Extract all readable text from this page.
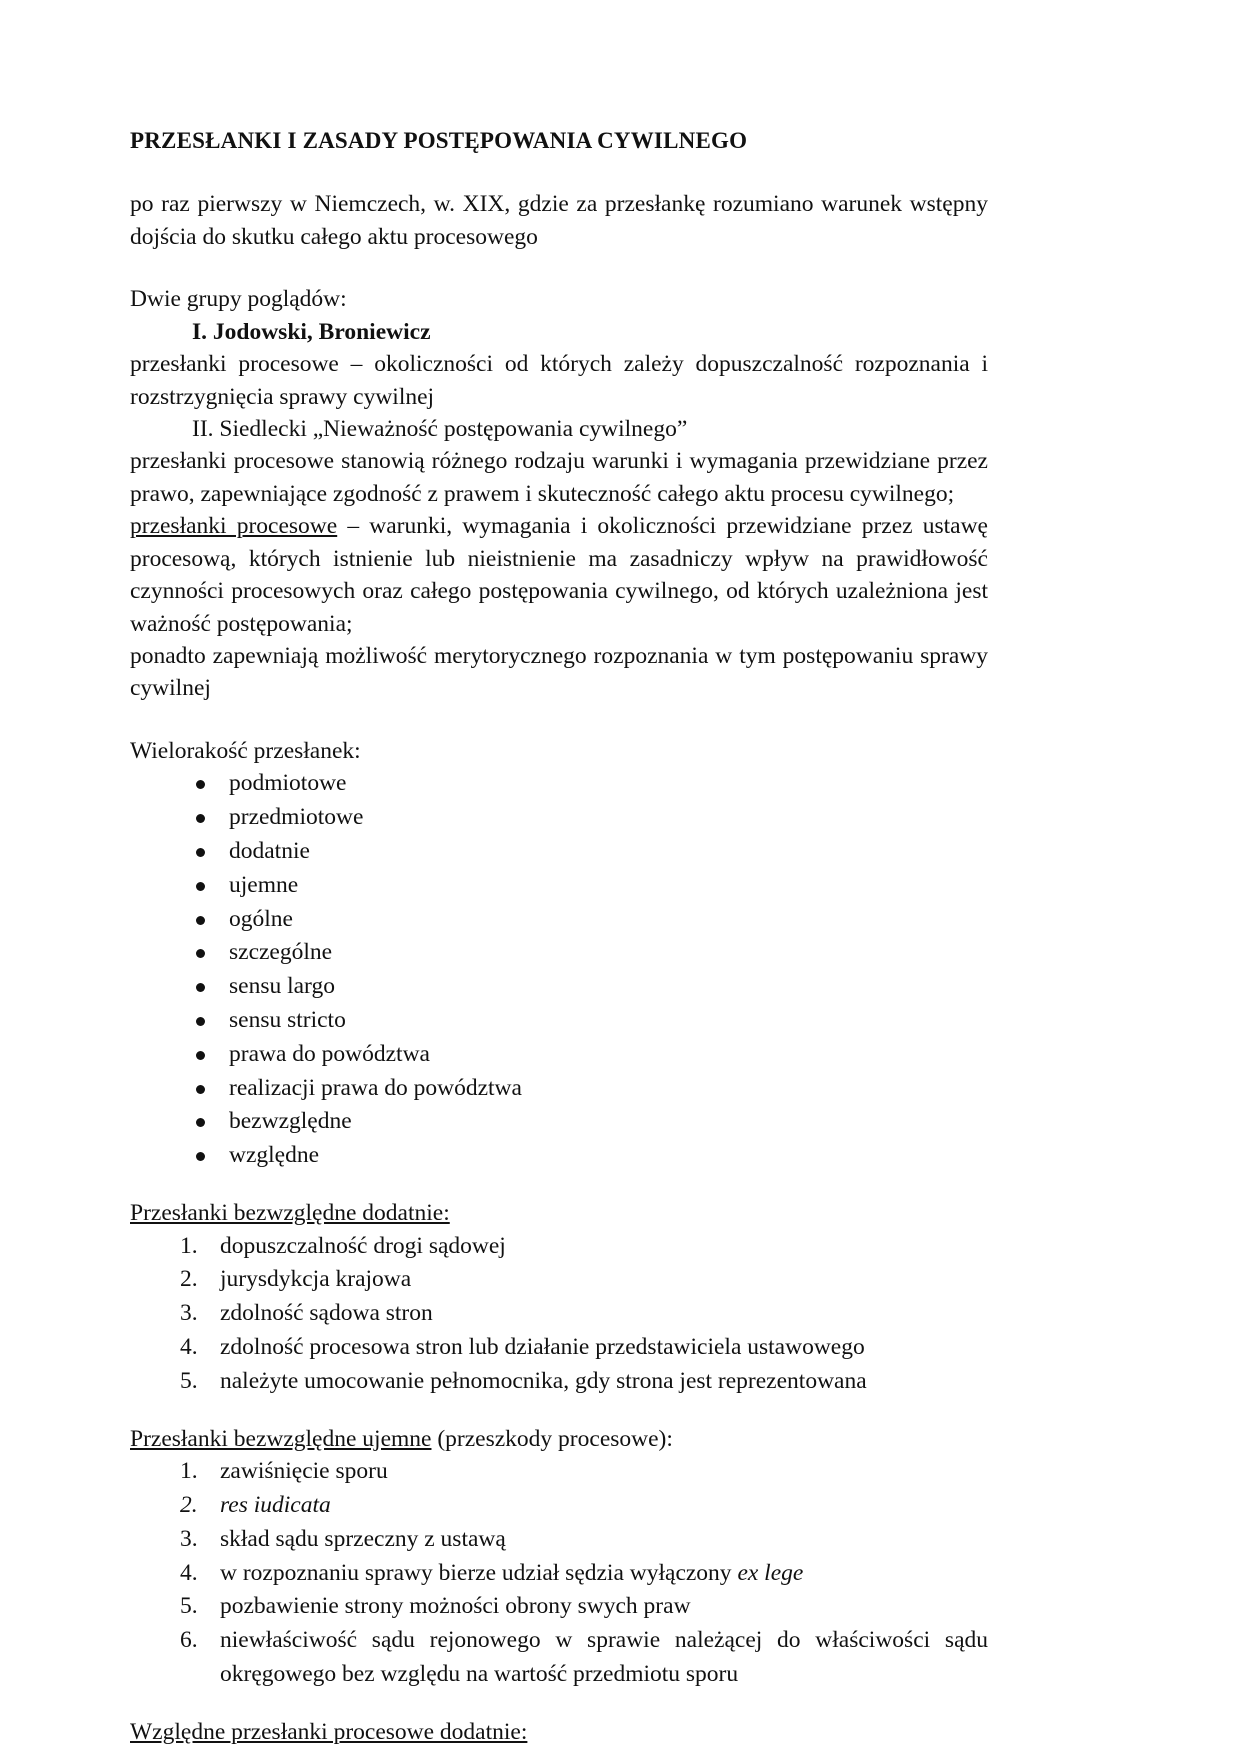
PRZESŁANKI I ZASADY POSTĘPOWANIA CYWILNEGO

po raz pierwszy w Niemczech, w. XIX, gdzie za przesłankę rozumiano warunek wstępny dojścia do skutku całego aktu procesowego

Dwie grupy poglądów:

I. Jodowski, Broniewicz

przesłanki procesowe – okoliczności od których zależy dopuszczalność rozpoznania i rozstrzygnięcia sprawy cywilnej

II. Siedlecki „Nieważność postępowania cywilnego”

przesłanki procesowe stanowią różnego rodzaju warunki i wymagania przewidziane przez prawo, zapewniające zgodność z prawem i skuteczność całego aktu procesu cywilnego;

przesłanki procesowe – warunki, wymagania i okoliczności przewidziane przez ustawę procesową, których istnienie lub nieistnienie ma zasadniczy wpływ na prawidłowość czynności procesowych oraz całego postępowania cywilnego, od których uzależniona jest ważność postępowania;

ponadto zapewniają możliwość merytorycznego rozpoznania w tym postępowaniu sprawy cywilnej

Wielorakość przesłanek:

podmiotowe
przedmiotowe
dodatnie
ujemne
ogólne
szczególne
sensu largo
sensu stricto
prawa do powództwa
realizacji prawa do powództwa
bezwzględne
względne

Przesłanki bezwzględne dodatnie:

dopuszczalność drogi sądowej
jurysdykcja krajowa
zdolność sądowa stron
zdolność procesowa stron lub działanie przedstawiciela ustawowego
należyte umocowanie pełnomocnika, gdy strona jest reprezentowana

Przesłanki bezwzględne ujemne (przeszkody procesowe):

zawiśnięcie sporu
res iudicata
skład sądu sprzeczny z ustawą
w rozpoznaniu sprawy bierze udział sędzia wyłączony ex lege
pozbawienie strony możności obrony swych praw
niewłaściwość sądu rejonowego w sprawie należącej do właściwości sądu okręgowego bez względu na wartość przedmiotu sporu

Względne przesłanki procesowe dodatnie:
